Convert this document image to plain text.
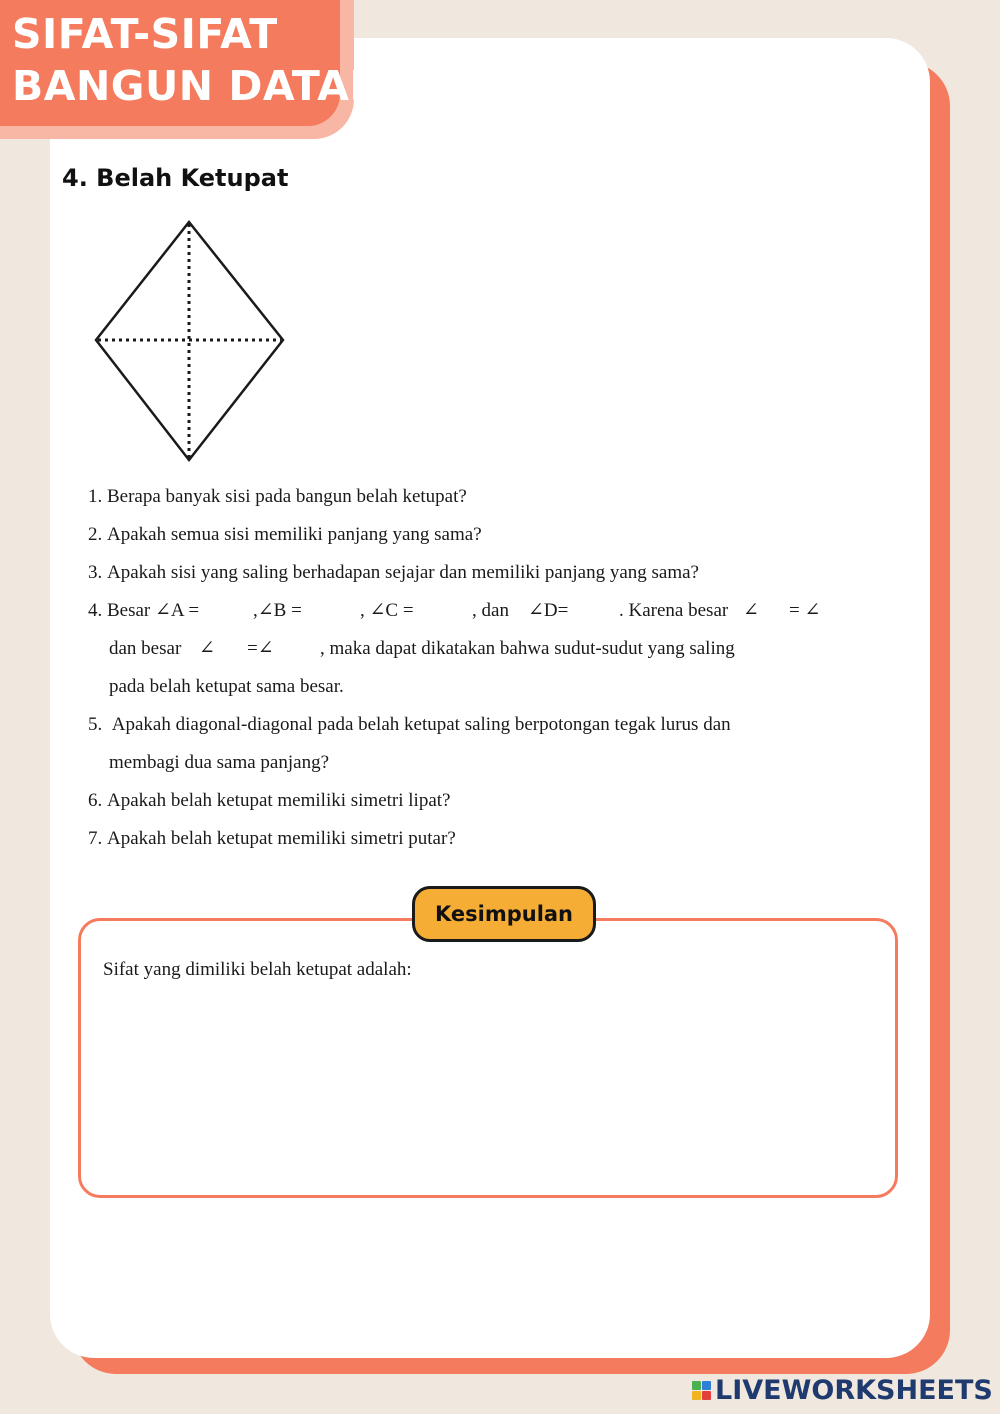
SIFAT-SIFAT
BANGUN DATAR
4. Belah Ketupat
1.
Berapa banyak sisi pada bangun belah ketupat?
2.
Apakah semua sisi memiliki panjang yang sama?
3.
Apakah sisi yang saling berhadapan sejajar dan memiliki panjang yang sama?
4.
Besar
∠A =	,∠B =	, ∠C =	, dan	∠D=	. Karena besar ∠	= ∠
dan besar ∠	=∠	, maka dapat dikatakan bahwa sudut-sudut yang saling
pada belah ketupat sama besar.
5.
Apakah diagonal-diagonal pada belah ketupat saling berpotongan tegak lurus dan
membagi dua sama panjang?
6.
Apakah belah ketupat memiliki simetri lipat?
7.
Apakah belah ketupat memiliki simetri putar?
Kesimpulan
Sifat yang dimiliki belah ketupat adalah:
LIVEWORKSHEETS
